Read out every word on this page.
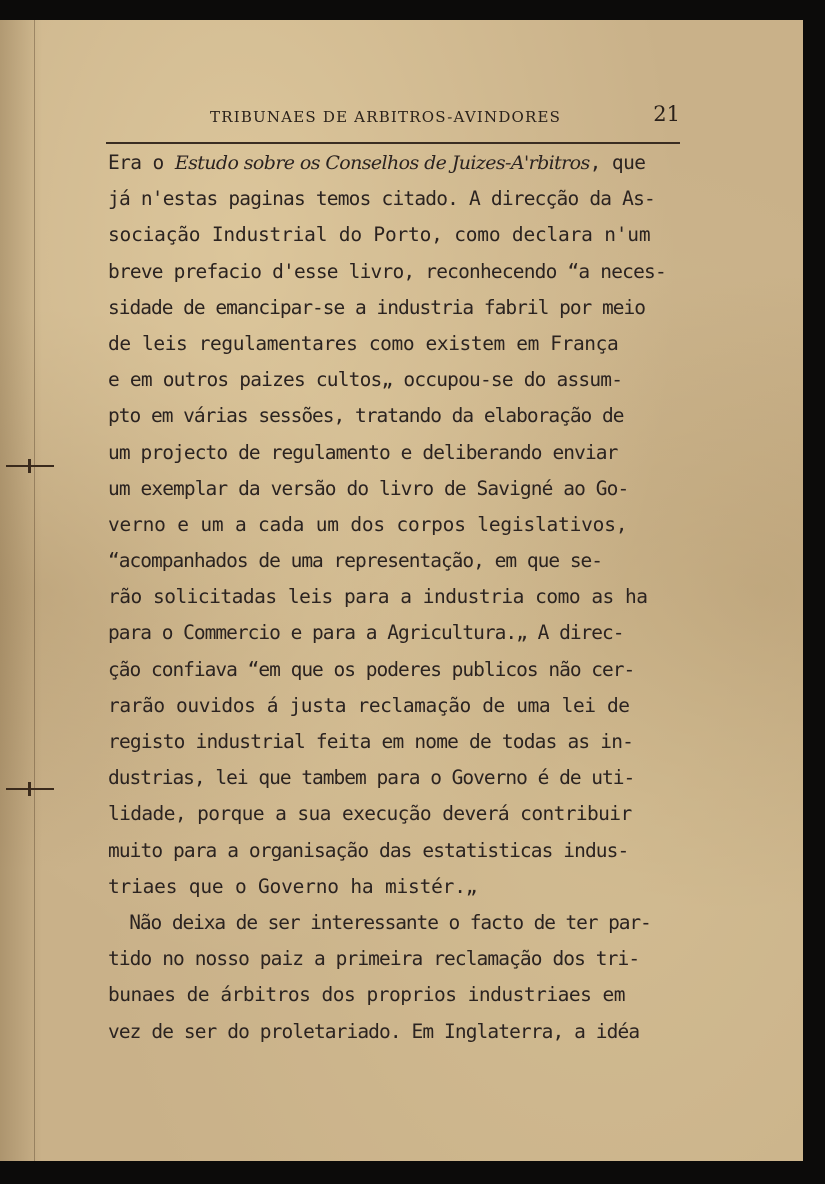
TRIBUNAES DE ARBITROS-AVINDORES	21
Era o Estudo sobre os Conselhos de Juizes-A'rbitros, que
já n'estas paginas temos citado. A direcção da As-
sociação Industrial do Porto, como declara n'um
breve prefacio d'esse livro, reconhecendo “a neces-
sidade de emancipar-se a industria fabril por meio
de leis regulamentares como existem em França
e em outros paizes cultos„ occupou-se do assum-
pto em várias sessões, tratando da elaboração de
um projecto de regulamento e deliberando enviar
um exemplar da versão do livro de Savigné ao Go-
verno e um a cada um dos corpos legislativos,
“acompanhados de uma representação, em que se-
rão solicitadas leis para a industria como as ha
para o Commercio e para a Agricultura.„ A direc-
ção confiava “em que os poderes publicos não cer-
rarão ouvidos á justa reclamação de uma lei de
registo industrial feita em nome de todas as in-
dustrias, lei que tambem para o Governo é de uti-
lidade, porque a sua execução deverá contribuir
muito para a organisação das estatisticas indus-
triaes que o Governo ha mistér.„
Não deixa de ser interessante o facto de ter par-
tido no nosso paiz a primeira reclamação dos tri-
bunaes de árbitros dos proprios industriaes em
vez de ser do proletariado. Em Inglaterra, a idéa
